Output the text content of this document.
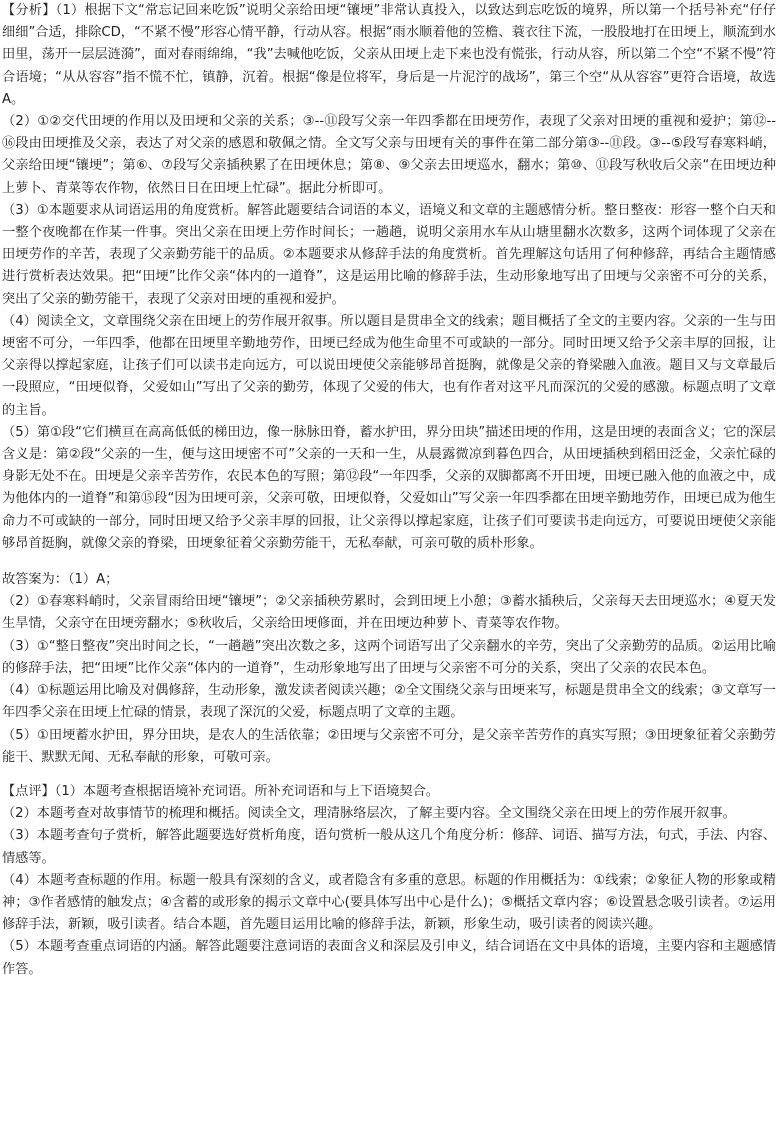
【分析】（1）根据下文“常忘记回来吃饭”说明父亲给田埂“镶埂”非常认真投入，以致达到忘吃饭的境界，所以第一个括号补充“仔仔细细”合适，排除CD，“不紧不慢”形容心情平静，行动从容。根据“雨水顺着他的笠檐、蓑衣往下流，一股股地打在田埂上，顺流到水田里，荡开一层层涟漪”，面对春雨绵绵，“我”去喊他吃饭，父亲从田埂上走下来也没有慌张，行动从容，所以第二个空“不紧不慢”符合语境；“从从容容”指不慌不忙，镇静，沉着。根据“像是位将军，身后是一片泥泞的战场”，第三个空“从从容容”更符合语境，故选A。

（2）①②交代田埂的作用以及田埂和父亲的关系；③--⑪段写父亲一年四季都在田埂劳作，表现了父亲对田埂的重视和爱护；第⑫--⑯段由田埂推及父亲，表达了对父亲的感恩和敬佩之情。全文写父亲与田埂有关的事件在第二部分第③--⑪段。③--⑤段写春寒料峭，父亲给田埂“镶埂”；第⑥、⑦段写父亲插秧累了在田埂休息；第⑧、⑨父亲去田埂巡水，翻水；第⑩、⑪段写秋收后父亲“在田埂边种上萝卜、青菜等农作物，依然日日在田埂上忙碌”。据此分析即可。

（3）①本题要求从词语运用的角度赏析。解答此题要结合词语的本义，语境义和文章的主题感情分析。整日整夜：形容一整个白天和一整个夜晚都在作某一件事。突出父亲在田埂上劳作时间长；一趟趟，说明父亲用水车从山塘里翻水次数多，这两个词体现了父亲在田埂劳作的辛苦，表现了父亲勤劳能干的品质。②本题要求从修辞手法的角度赏析。首先理解这句话用了何种修辞，再结合主题情感进行赏析表达效果。把“田埂”比作父亲“体内的一道脊”，这是运用比喻的修辞手法，生动形象地写出了田埂与父亲密不可分的关系，突出了父亲的勤劳能干，表现了父亲对田埂的重视和爱护。

（4）阅读全文，文章围绕父亲在田埂上的劳作展开叙事。所以题目是贯串全文的线索；题目概括了全文的主要内容。父亲的一生与田埂密不可分，一年四季，他都在田埂里辛勤地劳作，田埂已经成为他生命里不可或缺的一部分。同时田埂又给予父亲丰厚的回报，让父亲得以撑起家庭，让孩子们可以读书走向远方，可以说田埂使父亲能够昂首挺胸，就像是父亲的脊梁融入血液。题目又与文章最后一段照应，“田埂似脊，父爱如山”写出了父亲的勤劳，体现了父爱的伟大，也有作者对这平凡而深沉的父爱的感激。标题点明了文章的主旨。

（5）第①段“它们横亘在高高低低的梯田边，像一脉脉田脊，蓄水护田，界分田块”描述田埂的作用，这是田埂的表面含义；它的深层含义是：第②段“父亲的一生，便与这田埂密不可”父亲的一天和一生，从晨露微凉到暮色四合，从田埂插秧到稻田泛金，父亲忙碌的身影无处不在。田埂是父亲辛苦劳作，农民本色的写照；第⑫段“一年四季，父亲的双脚都离不开田埂，田埂已融入他的血液之中，成为他体内的一道脊”和第⑮段“因为田埂可亲，父亲可敬，田埂似脊，父爱如山”写父亲一年四季都在田埂辛勤地劳作，田埂已成为他生命力不可或缺的一部分，同时田埂又给予父亲丰厚的回报，让父亲得以撑起家庭，让孩子们可要读书走向远方，可要说田埂使父亲能够昂首挺胸，就像父亲的脊梁，田埂象征着父亲勤劳能干，无私奉献，可亲可敬的质朴形象。

故答案为：（1）A；

（2）①春寒料峭时，父亲冒雨给田埂“镶埂”；②父亲插秧劳累时，会到田埂上小憩；③蓄水插秧后，父亲每天去田埂巡水；④夏天发生旱情，父亲守在田埂旁翻水；⑤秋收后，父亲给田埂修面，并在田埂边种萝卜、青菜等农作物。

（3）①“整日整夜”突出时间之长，“一趟趟”突出次数之多，这两个词语写出了父亲翻水的辛劳，突出了父亲勤劳的品质。②运用比喻的修辞手法，把“田埂”比作父亲“体内的一道脊”，生动形象地写出了田埂与父亲密不可分的关系，突出了父亲的农民本色。

（4）①标题运用比喻及对偶修辞，生动形象，激发读者阅读兴趣；②全文围绕父亲与田埂来写，标题是贯串全文的线索；③文章写一年四季父亲在田埂上忙碌的情景，表现了深沉的父爱，标题点明了文章的主题。

（5）①田埂蓄水护田，界分田块，是农人的生活依靠；②田埂与父亲密不可分，是父亲辛苦劳作的真实写照；③田埂象征着父亲勤劳能干、默默无闻、无私奉献的形象，可敬可亲。

【点评】（1）本题考查根据语境补充词语。所补充词语和与上下语境契合。

（2）本题考查对故事情节的梳理和概括。阅读全文，理清脉络层次，了解主要内容。全文围绕父亲在田埂上的劳作展开叙事。

（3）本题考查句子赏析，解答此题要选好赏析角度，语句赏析一般从这几个角度分析：修辞、词语、描写方法，句式，手法、内容、情感等。

（4）本题考查标题的作用。标题一般具有深刻的含义，或者隐含有多重的意思。标题的作用概括为：①线索；②象征人物的形象或精神；③作者感情的触发点；④含蓄的或形象的揭示文章中心(要具体写出中心是什么)；⑤概括文章内容；⑥设置悬念吸引读者。⑦运用修辞手法，新颖，吸引读者。结合本题，首先题目运用比喻的修辞手法，新颖，形象生动，吸引读者的阅读兴趣。

（5）本题考查重点词语的内涵。解答此题要注意词语的表面含义和深层及引申义，结合词语在文中具体的语境，主要内容和主题感情作答。
